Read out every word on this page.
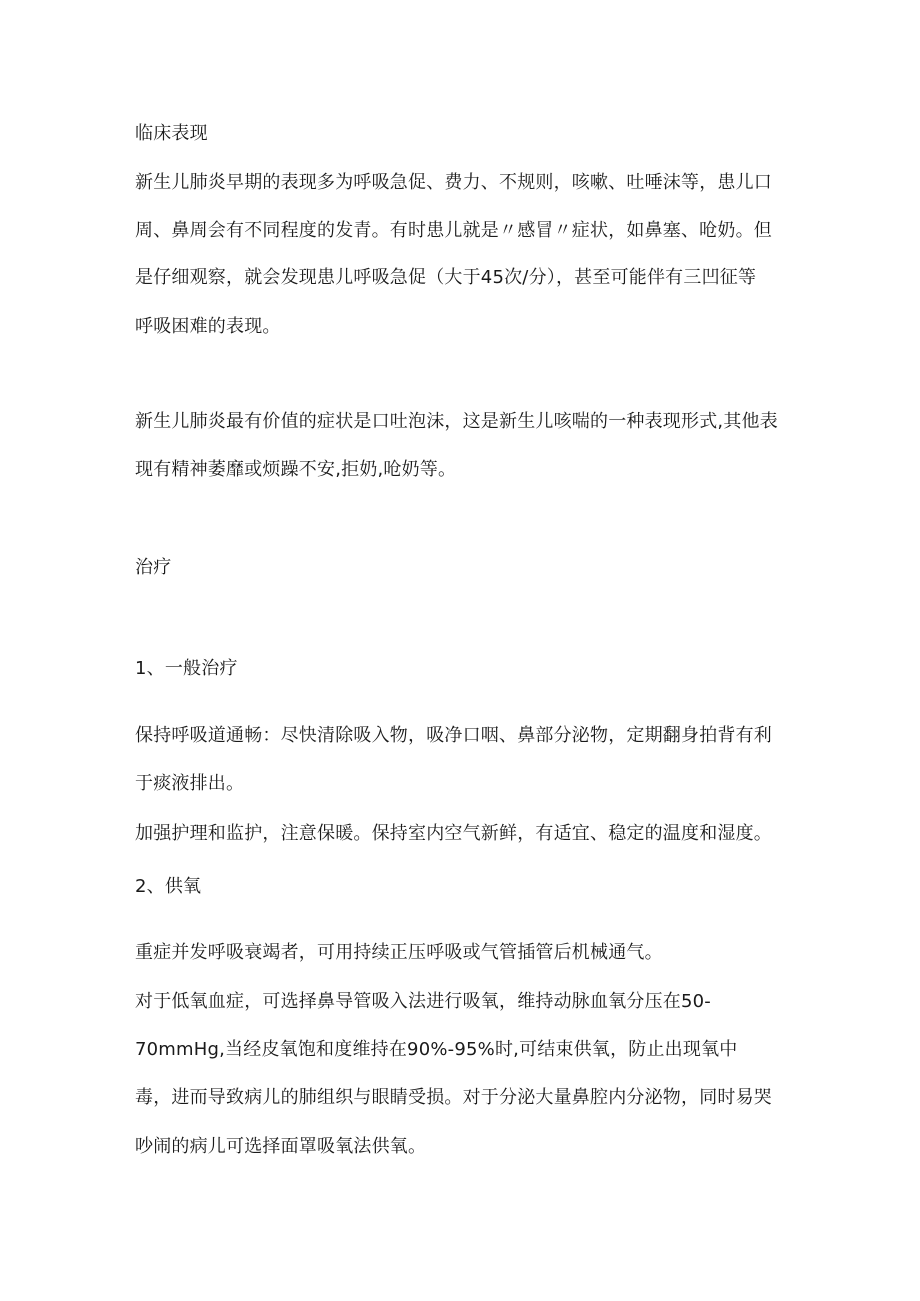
临床表现

新生儿肺炎早期的表现多为呼吸急促、费力、不规则，咳嗽、吐唾沫等，患儿口

周、鼻周会有不同程度的发青。有时患儿就是〃感冒〃症状，如鼻塞、呛奶。但

是仔细观察，就会发现患儿呼吸急促（大于45次/分），甚至可能伴有三凹征等

呼吸困难的表现。

新生儿肺炎最有价值的症状是口吐泡沫，这是新生儿咳喘的一种表现形式,其他表

现有精神萎靡或烦躁不安,拒奶,呛奶等。

治疗

1、一般治疗

保持呼吸道通畅：尽快清除吸入物，吸净口咽、鼻部分泌物，定期翻身拍背有利

于痰液排出。

加强护理和监护，注意保暖。保持室内空气新鲜，有适宜、稳定的温度和湿度。

2、供氧

重症并发呼吸衰竭者，可用持续正压呼吸或气管插管后机械通气。

对于低氧血症，可选择鼻导管吸入法进行吸氧，维持动脉血氧分压在50-

70mmHg,当经皮氧饱和度维持在90%-95%时,可结束供氧，防止出现氧中

毒，进而导致病儿的肺组织与眼睛受损。对于分泌大量鼻腔内分泌物，同时易哭

吵闹的病儿可选择面罩吸氧法供氧。
